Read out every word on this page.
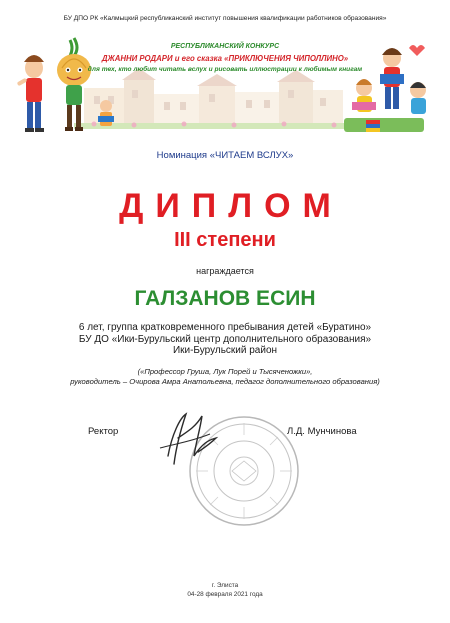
БУ ДПО РК «Калмыцкий республиканский институт повышения квалификации работников образования»
РЕСПУБЛИКАНСКИЙ КОНКУРС
ДЖАННИ РОДАРИ и его сказка «ПРИКЛЮЧЕНИЯ ЧИПОЛЛИНО»
для тех, кто любит читать вслух и рисовать иллюстрации к любимым книгам
Номинация «ЧИТАЕМ ВСЛУХ»
ДИПЛОМ
III степени
награждается
ГАЛЗАНОВ ЕСИН
6 лет, группа кратковременного пребывания детей «Буратино»
БУ ДО «Ики-Бурульский центр дополнительного образования»
Ики-Бурульский район
(«Профессор Груша, Лук Порей и Тысяченожки»,
руководитель – Очирова Амра Анатольевна, педагог дополнительного образования)
Ректор	Л.Д. Мунчинова
г. Элиста
04-28 февраля 2021 года
